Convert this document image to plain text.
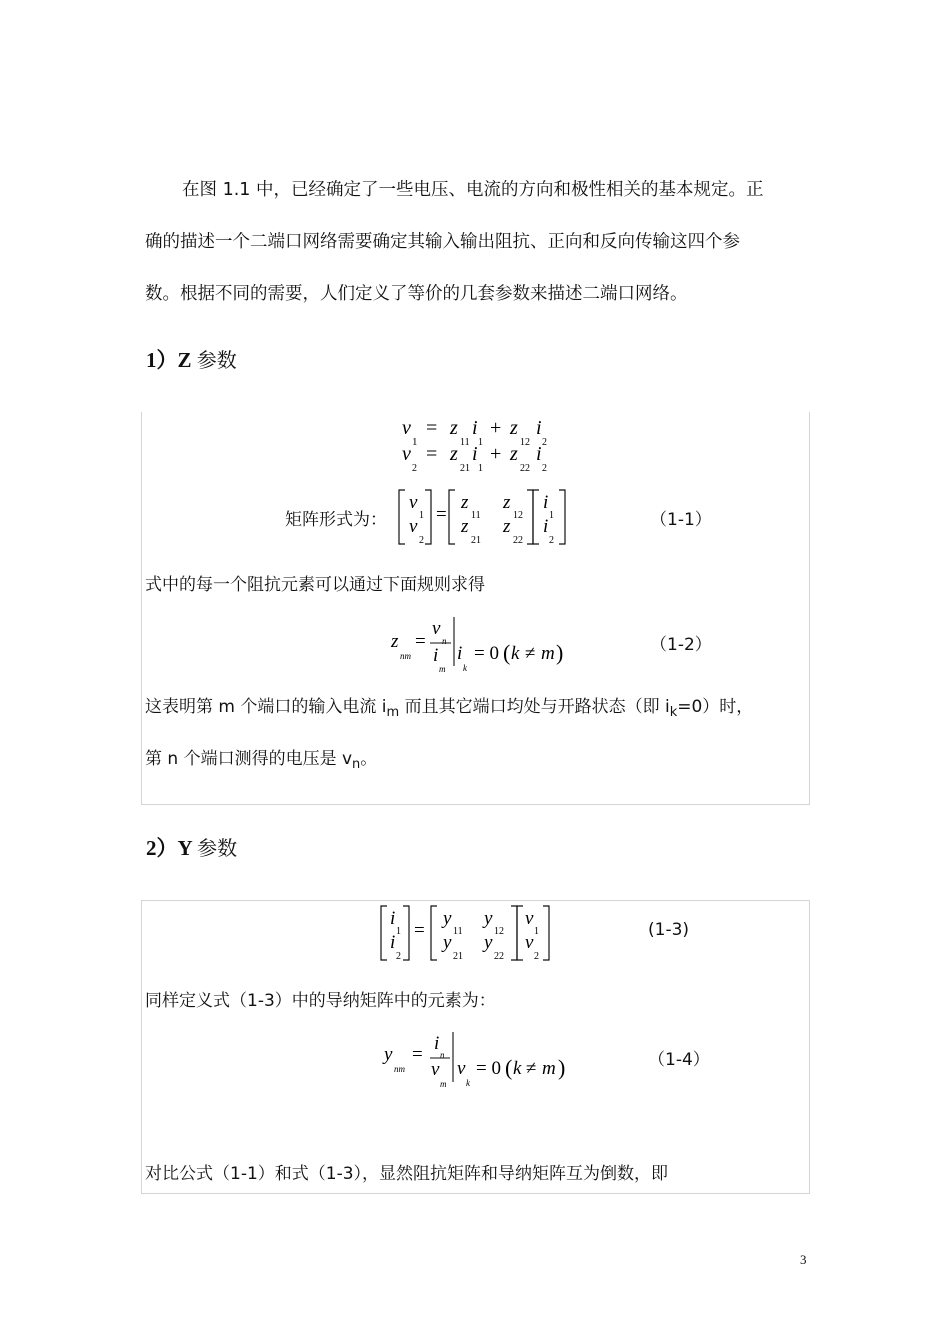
在图 1.1 中，已经确定了一些电压、电流的方向和极性相关的基本规定。正
确的描述一个二端口网络需要确定其输入输出阻抗、正向和反向传输这四个参
数。根据不同的需要，人们定义了等价的几套参数来描述二端口网络。
1）Z 参数
v
1
= z
11
i
1
+ z
12
i
2
v
2
= z
21
i
1
+ z
22
i
2
矩阵形式为：
v
1
v
2
=
z
11
z
12
z
21
z
22
i
1
i
2
（1-1）
式中的每一个阻抗元素可以通过下面规则求得
z
nm
=
v
n
i
m
i
k
= 0 ( k ≠ m )	（1-2）
这表明第 m 个端口的输入电流 $i_m$ 而且其它端口均处与开路状态（即 $i_k=0$）时，
第 n 个端口测得的电压是 $v_n$。
2）Y 参数
i
1
i
2
=
y
11
y
12
y
21
y
22
v
1
v
2
(1-3)
同样定义式（1-3）中的导纳矩阵中的元素为：
y
nm
=
i
n
v
m
v
k
= 0 ( k ≠ m )	（1-4）
对比公式（1-1）和式（1-3），显然阻抗矩阵和导纳矩阵互为倒数，即
3
